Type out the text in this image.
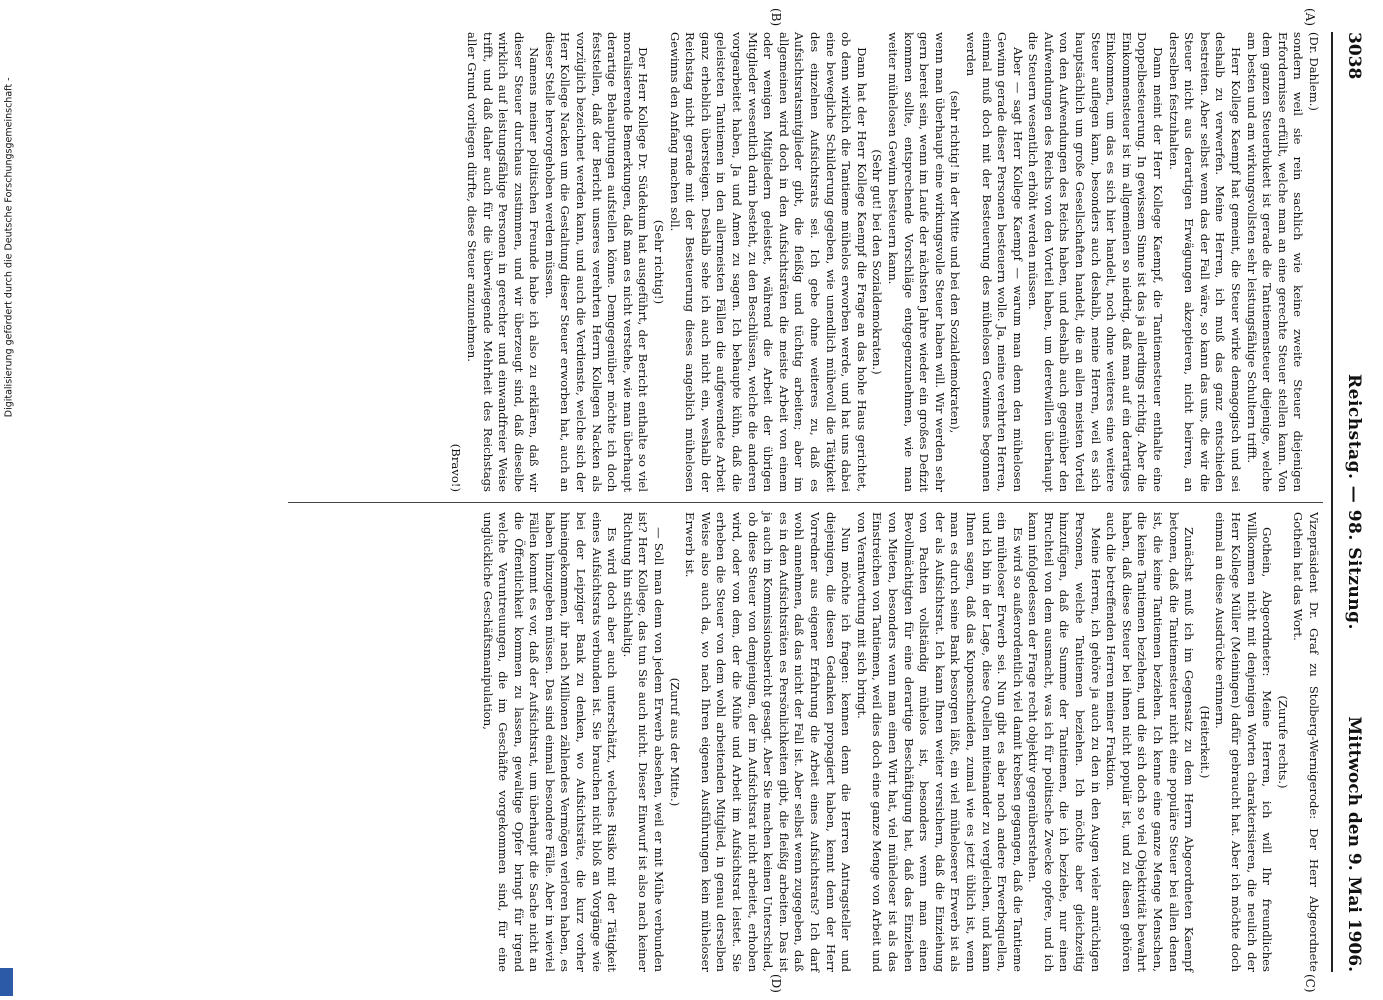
3038
Reichstag. — 98. Sitzung.
Mittwoch den 9. Mai 1906.
(A)
(B)
(C)
(D)

(Dr. Dahlem.)

sondern weil sie rein sachlich wie keine zweite Steuer diejenigen Erfordernisse erfüllt, welche man an eine gerechte Steuer stellen kann. Von dem ganzen Steuerbukett ist gerade die Tantiemensteuer diejenige, welche am besten und am wirkungsvollsten sehr leistungsfähige Schultern trifft.

Herr Kollege Kaempf hat gemeint, die Steuer wirke demagogisch und sei deshalb zu verwerfen. Meine Herren, ich muß das ganz entschieden bestreiten. Aber selbst wenn das der Fall wäre, so kann das uns, die wir die Steuer nicht aus derartigen Erwägungen akzeptieren, nicht beirren, an derselben festzuhalten.

Dann meint der Herr Kollege Kaempf, die Tantiemesteuer enthalte eine Doppelbesteuerung. In gewissem Sinne ist das ja allerdings richtig. Aber die Einkommensteuer ist im allgemeinen so niedrig, daß man auf ein derartiges Einkommen, um das es sich hier handelt, noch ohne weiteres eine weitere Steuer auflegen kann, besonders auch deshalb, meine Herren, weil es sich hauptsächlich um große Gesellschaften handelt, die an allen meisten Vorteil von den Aufwendungen des Reichs haben, und deshalb auch gegenüber den Aufwendungen des Reichs von den Vorteil haben, um deretwillen überhaupt die Steuern wesentlich erhöht werden müssen.

Aber — sagt Herr Kollege Kaempf — warum man denn den mühelosen Gewinn gerade dieser Personen besteuern wolle. Ja, meine verehrten Herren, einmal muß doch mit der Besteuerung des mühelosen Gewinnes begonnen werden

(sehr richtig! in der Mitte und bei den Sozialdemokraten),

wenn man überhaupt eine wirkungsvolle Steuer haben will. Wir werden sehr gern bereit sein, wenn im Laufe der nächsten Jahre wieder ein großes Defizit kommen sollte, entsprechende Vorschläge entgegenzunehmen, wie man weiter mühelosen Gewinn besteuern kann.

(Sehr gut! bei den Sozialdemokraten.)

Dann hat der Herr Kollege Kaempf die Frage an das hohe Haus gerichtet, ob denn wirklich die Tantieme mühelos erworben werde, und hat uns dabei eine bewegliche Schilderung gegeben, wie unendlich mühevoll die Tätigkeit des einzelnen Aufsichtsrats sei. Ich gebe ohne weiteres zu, daß es Aufsichtsratsmitglieder gibt, die fleißig und tüchtig arbeiten; aber im allgemeinen wird doch in den Aufsichtsräten die meiste Arbeit von einem oder wenigen Mitgliedern geleistet, während die Arbeit der übrigen Mitglieder wesentlich darin besteht, zu den Beschlüssen, welche die anderen vorgearbeitet haben, Ja und Amen zu sagen. Ich behaupte kühn, daß die geleisteten Tantiemen in den allermeisten Fällen die aufgewendete Arbeit ganz erheblich übersteigen. Deshalb sehe ich auch nicht ein, weshalb der Reichstag nicht gerade mit der Besteuerung dieses angeblich mühelosen Gewinns den Anfang machen soll.

(Sehr richtig!)

Der Herr Kollege Dr. Südekum hat ausgeführt, der Bericht enthalte so viel moralisierende Bemerkungen, daß man es nicht verstehe, wie man überhaupt derartige Behauptungen aufstellen könne. Demgegenüber möchte ich doch feststellen, daß der Bericht unseres verehrten Herrn Kollegen Nacken als vorzüglich bezeichnet werden kann, und auch die Verdienste, welche sich der Herr Kollege Nacken um die Gestaltung dieser Steuer erworben hat, auch an dieser Stelle hervorgehoben werden müssen.

Namens meiner politischen Freunde habe ich also zu erklären, daß wir dieser Steuer durchaus zustimmen, und wir überzeugt sind, daß dieselbe wirklich auf leistungsfähige Personen in gerechter und einwandfreier Weise trifft, und daß daher auch für die überwiegende Mehrheit des Reichstags aller Grund vorliegen dürfte, diese Steuer anzunehmen.

(Bravo!)

Vizepräsident Dr. Graf zu Stolberg-Wernigerode: Der Herr Abgeordnete Gothein hat das Wort.

(Zurufe rechts.)

Gothein, Abgeordneter: Meine Herren, ich will Ihr freundliches Willkommen nicht mit denjenigen Worten charakterisieren, die neulich der Herr Kollege Müller (Meiningen) dafür gebraucht hat. Aber ich möchte doch einmal an diese Ausdrücke erinnern.

(Heiterkeit.)

Zunächst muß ich im Gegensatz zu dem Herrn Abgeordneten Kaempf betonen, daß die Tantiemesteuer nicht eine populäre Steuer bei allen denen ist, die keine Tantiemen beziehen. Ich kenne eine ganze Menge Menschen, die keine Tantiemen beziehen, und die sich doch so viel Objektivität bewahrt haben, daß diese Steuer bei ihnen nicht populär ist, und zu diesen gehören auch die betreffenden Herren meiner Fraktion.

Meine Herren, ich gehöre ja auch zu den in den Augen vieler anrüchigen Personen, welche Tantiemen beziehen. Ich möchte aber gleichzeitig hinzufügen, daß die Summe der Tantiemen, die ich beziehe, nur einen Bruchteil von dem ausmacht, was ich für politische Zwecke opfere, und ich kann infolgedessen der Frage recht objektiv gegenüberstehen.

Es wird so außerordentlich viel damit krebsen gegangen, daß die Tantieme ein müheloser Erwerb sei. Nun gibt es aber noch andere Erwerbsquellen, und ich bin in der Lage, diese Quellen miteinander zu vergleichen, und kann Ihnen sagen, daß das Kuponschneiden, zumal wie es jetzt üblich ist, wenn man es durch seine Bank besorgen läßt, ein viel müheloserer Erwerb ist als der als Aufsichtsrat. Ich kann Ihnen weiter versichern, daß die Einziehung von Pachten vollständig mühelos ist, besonders wenn man einen Bevollmächtigten für eine derartige Beschäftigung hat, daß das Einziehen von Mieten, besonders wenn man einen Wirt hat, viel müheloser ist als das Einstreichen von Tantiemen, weil dies doch eine ganze Menge von Arbeit und von Verantwortung mit sich bringt.

Nun möchte ich fragen: kennen denn die Herren Antragsteller und diejenigen, die diesen Gedanken propagiert haben, kennt denn der Herr Vorredner aus eigener Erfahrung die Arbeit eines Aufsichtsrats? Ich darf wohl annehmen, daß das nicht der Fall ist. Aber selbst wenn zugegeben, daß es in den Aufsichtsräten es Persönlichkeiten gibt, die fleißig arbeiten. Das ist ja auch im Kommissionsbericht gesagt. Aber Sie machen keinen Unterschied, ob diese Steuer von demjenigen, der im Aufsichtsrat nicht arbeitet, erhoben wird, oder von dem, der die Mühe und Arbeit im Aufsichtsrat leistet. Sie erheben die Steuer von dem wohl arbeitenden Mitglied, in genau derselben Weise also auch da, wo nach Ihren eigenen Ausführungen kein müheloser Erwerb ist.

(Zuruf aus der Mitte.)

— Soll man denn von jedem Erwerb absehen, weil er mit Mühe verbunden ist? Herr Kollege, das tun Sie auch nicht. Dieser Einwurf ist also nach keiner Richtung hin stichhaltig.

Es wird doch aber auch unterschätzt, welches Risiko mit der Tätigkeit eines Aufsichtsrats verbunden ist. Sie brauchen nicht bloß an Vorgänge wie bei der Leipziger Bank zu denken, wo Aufsichtsräte, die kurz vorher hineingekommen, ihr nach Millionen zählendes Vermögen verloren haben, es haben hinzugeben müssen. Das sind einmal besondere Fälle. Aber in wieviel Fällen kommt es vor, daß der Aufsichtsrat, um überhaupt die Sache nicht an die Öffentlichkeit kommen zu lassen, gewaltige Opfer bringt für irgend welche Veruntreuungen, die im Geschäfte vorgekommen sind, für eine unglückliche Geschäftsmanipulation,

Digitalisierung gefördert durch die Deutsche Forschungsgemeinschaft -
